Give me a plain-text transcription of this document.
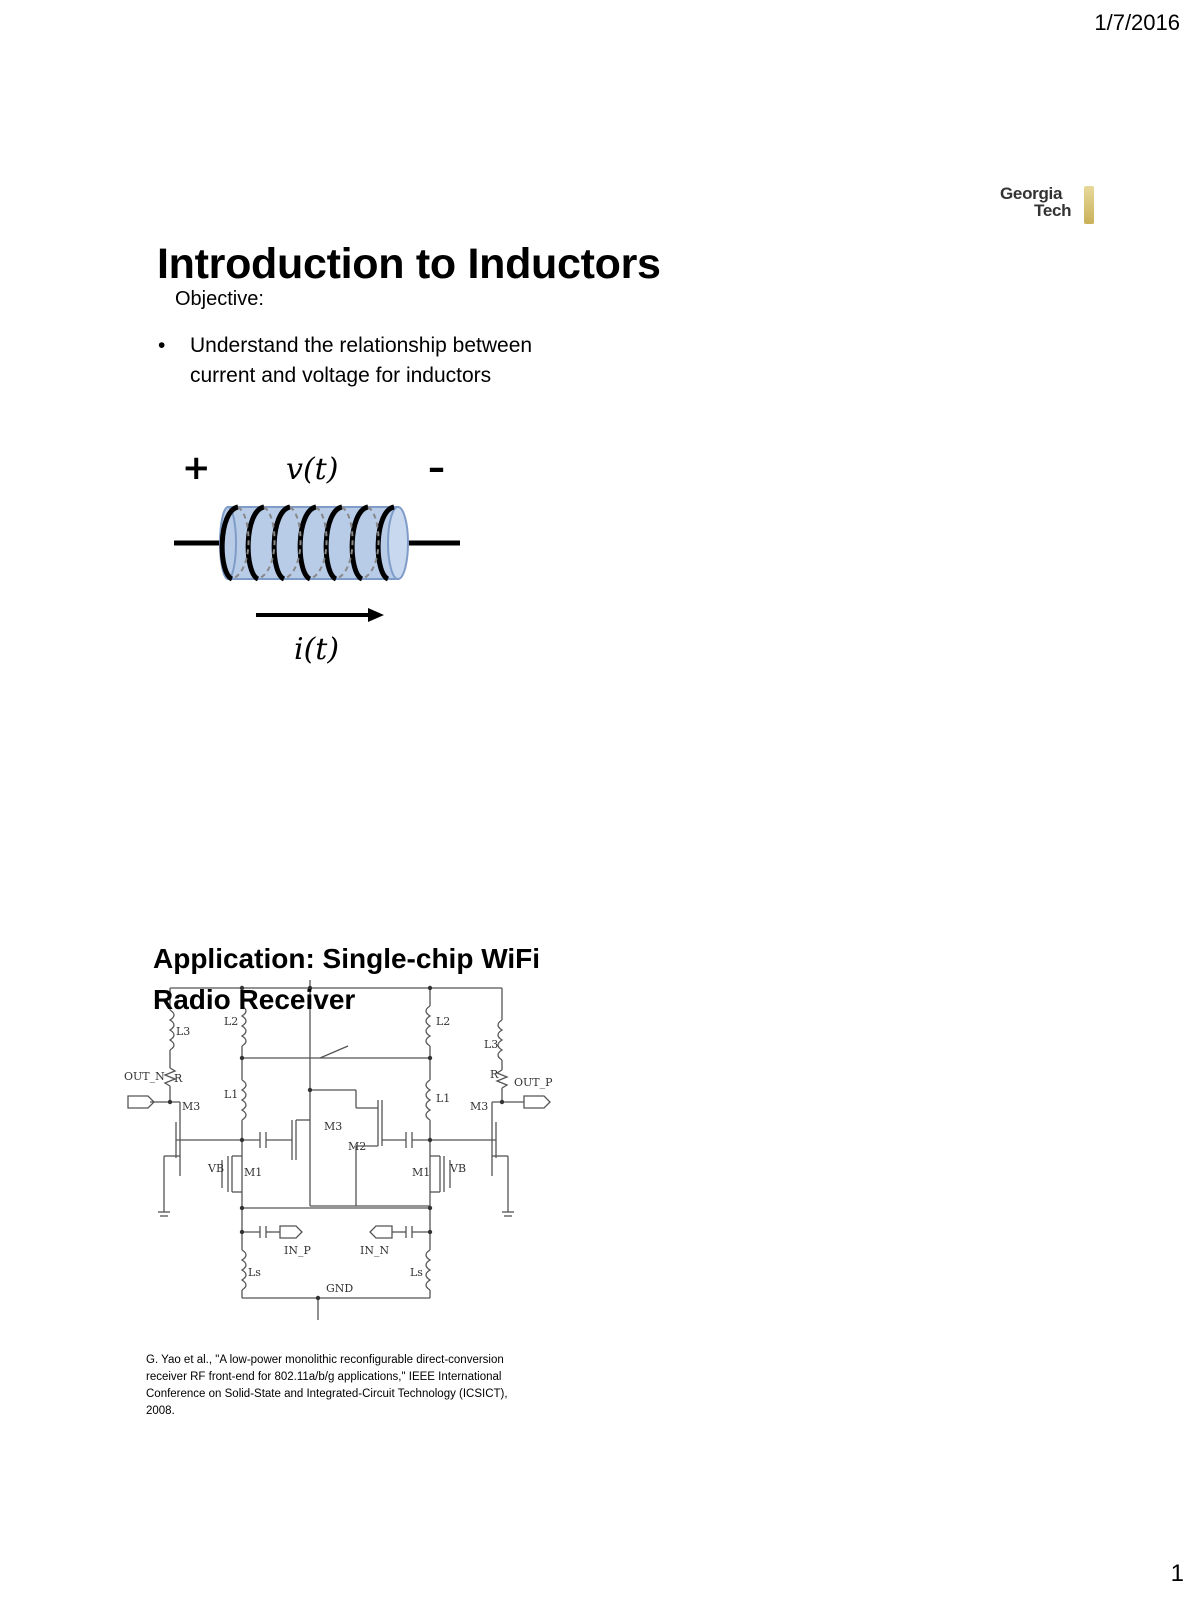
1/7/2016
Georgia
Tech
Introduction to Inductors
Objective:
• Understand the relationship between current and voltage for inductors
+	v(t)	–
i(t)
L3
L2
L1
OUT_N R
M3
VB M1
M3
M2
L2
L1
L3
R
OUT_P
M3
M1 VB
IN_P	IN_N
Ls	Ls
GND
Application: Single-chip WiFi Radio Receiver
G. Yao et al., "A low-power monolithic reconfigurable direct-conversion receiver RF front-end for 802.11a/b/g applications," IEEE International Conference on Solid-State and Integrated-Circuit Technology (ICSICT), 2008.
1
